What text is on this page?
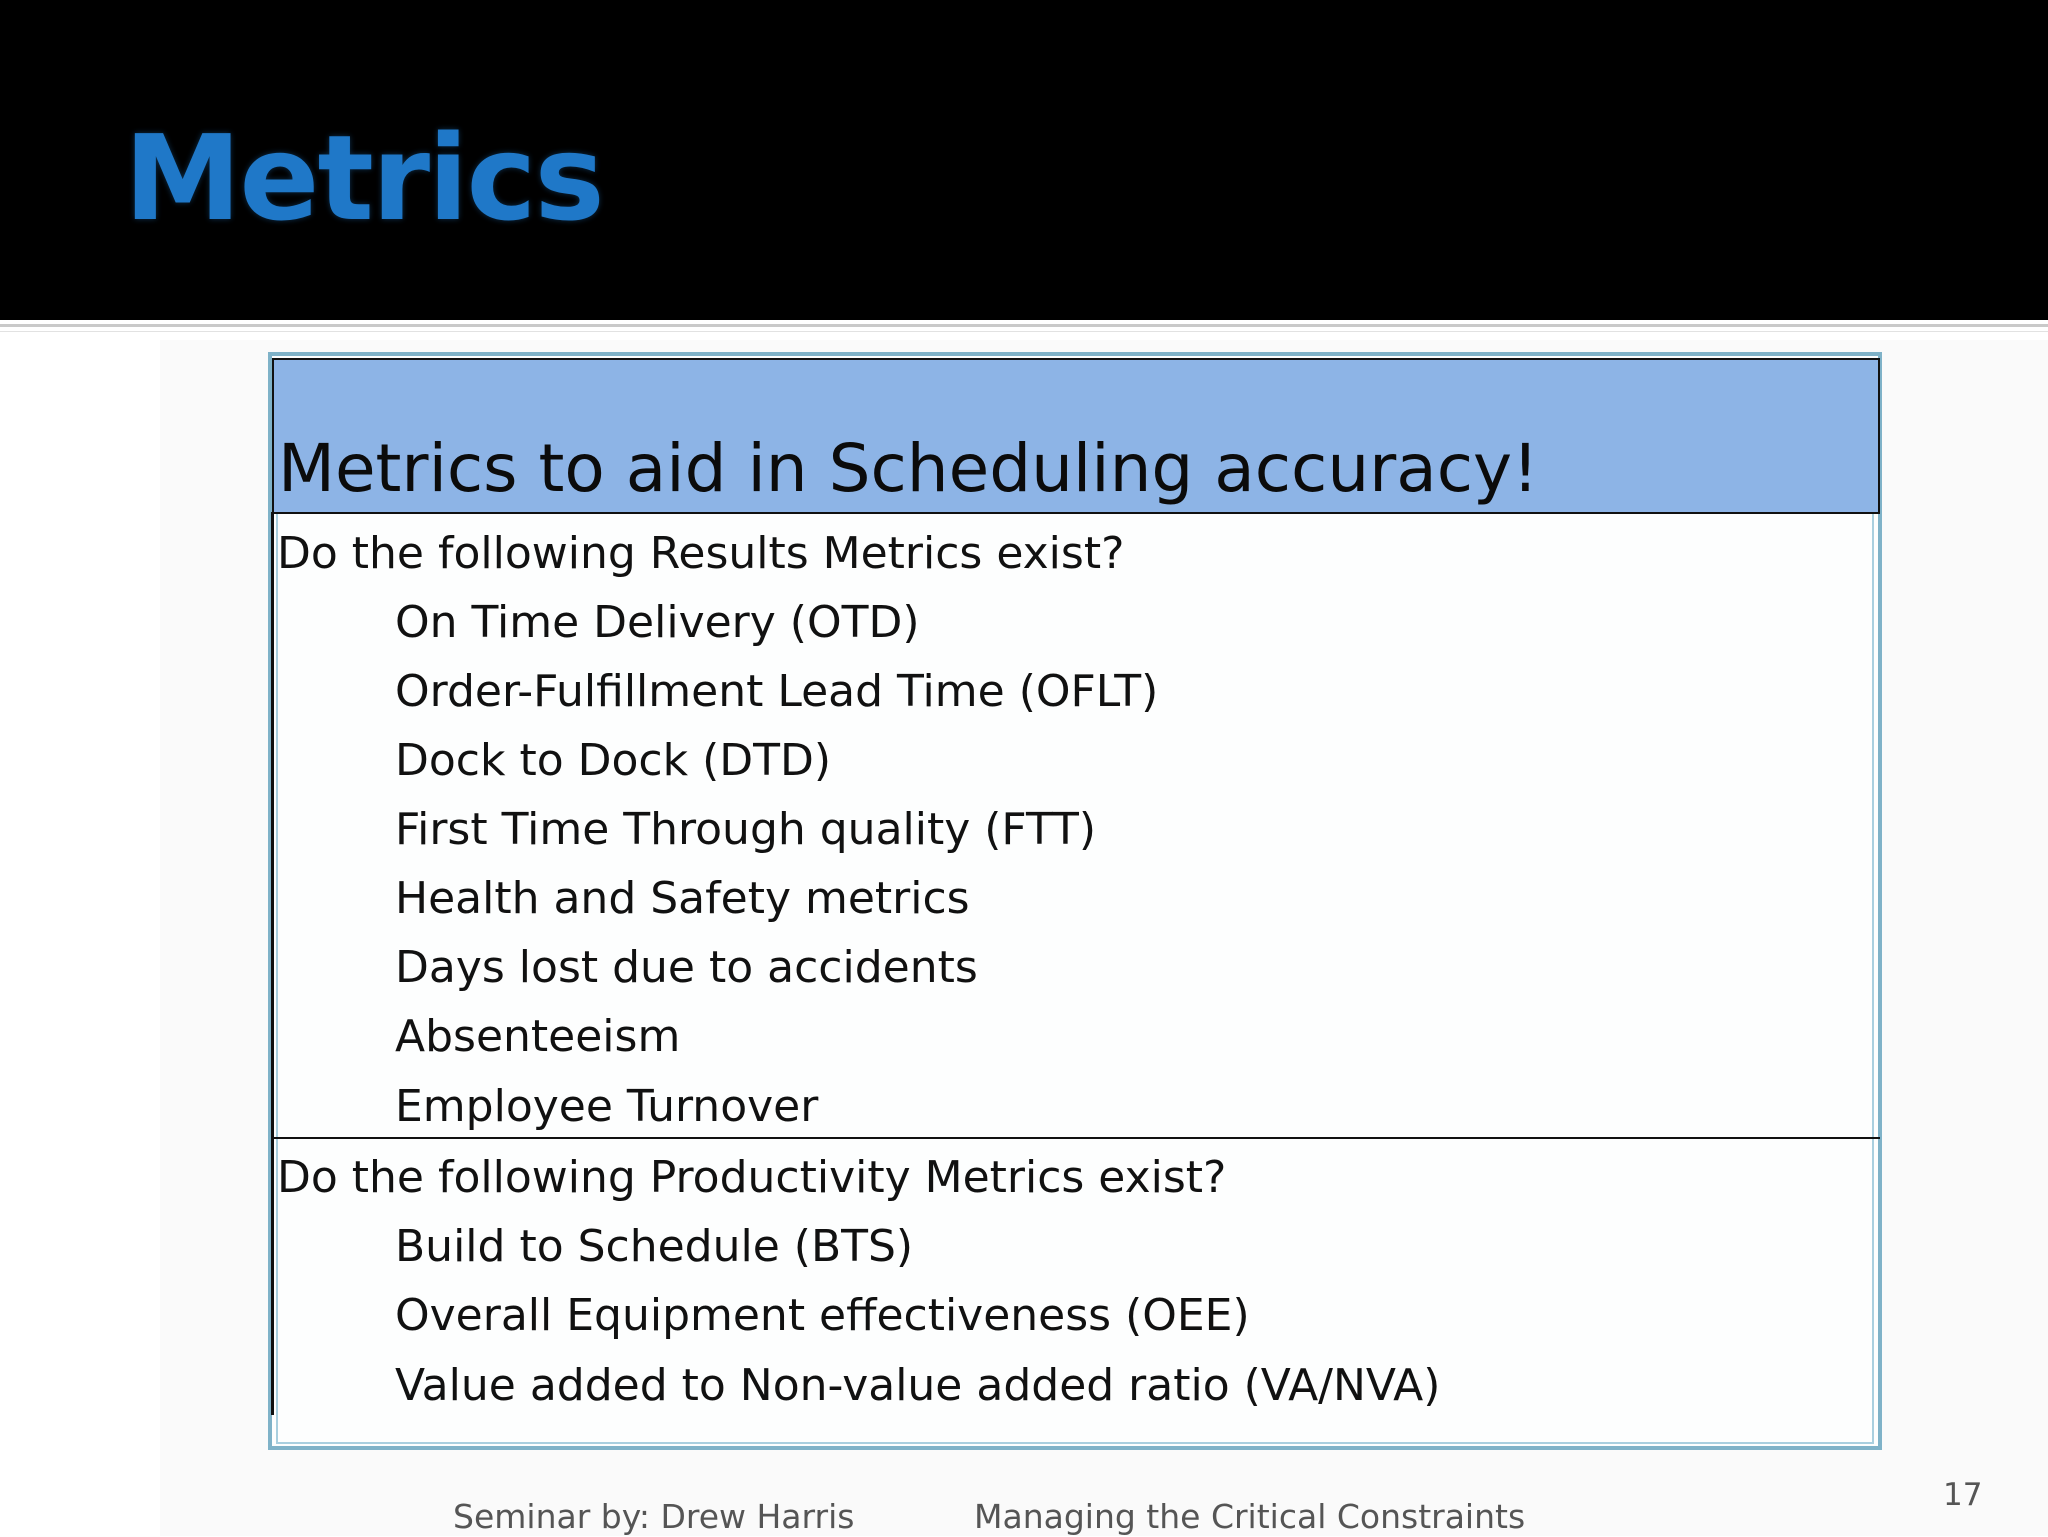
Metrics

Metrics to aid in Scheduling accuracy!

Do the following Results Metrics exist?

On Time Delivery (OTD)

Order-Fulfillment Lead Time (OFLT)

Dock to Dock (DTD)

First Time Through quality (FTT)

Health and Safety metrics

Days lost due to accidents

Absenteeism

Employee Turnover

Do the following Productivity Metrics exist?

Build to Schedule (BTS)

Overall Equipment effectiveness (OEE)

Value added to Non-value added ratio (VA/NVA)

Seminar by: Drew Harris	Managing the Critical Constraints

17
